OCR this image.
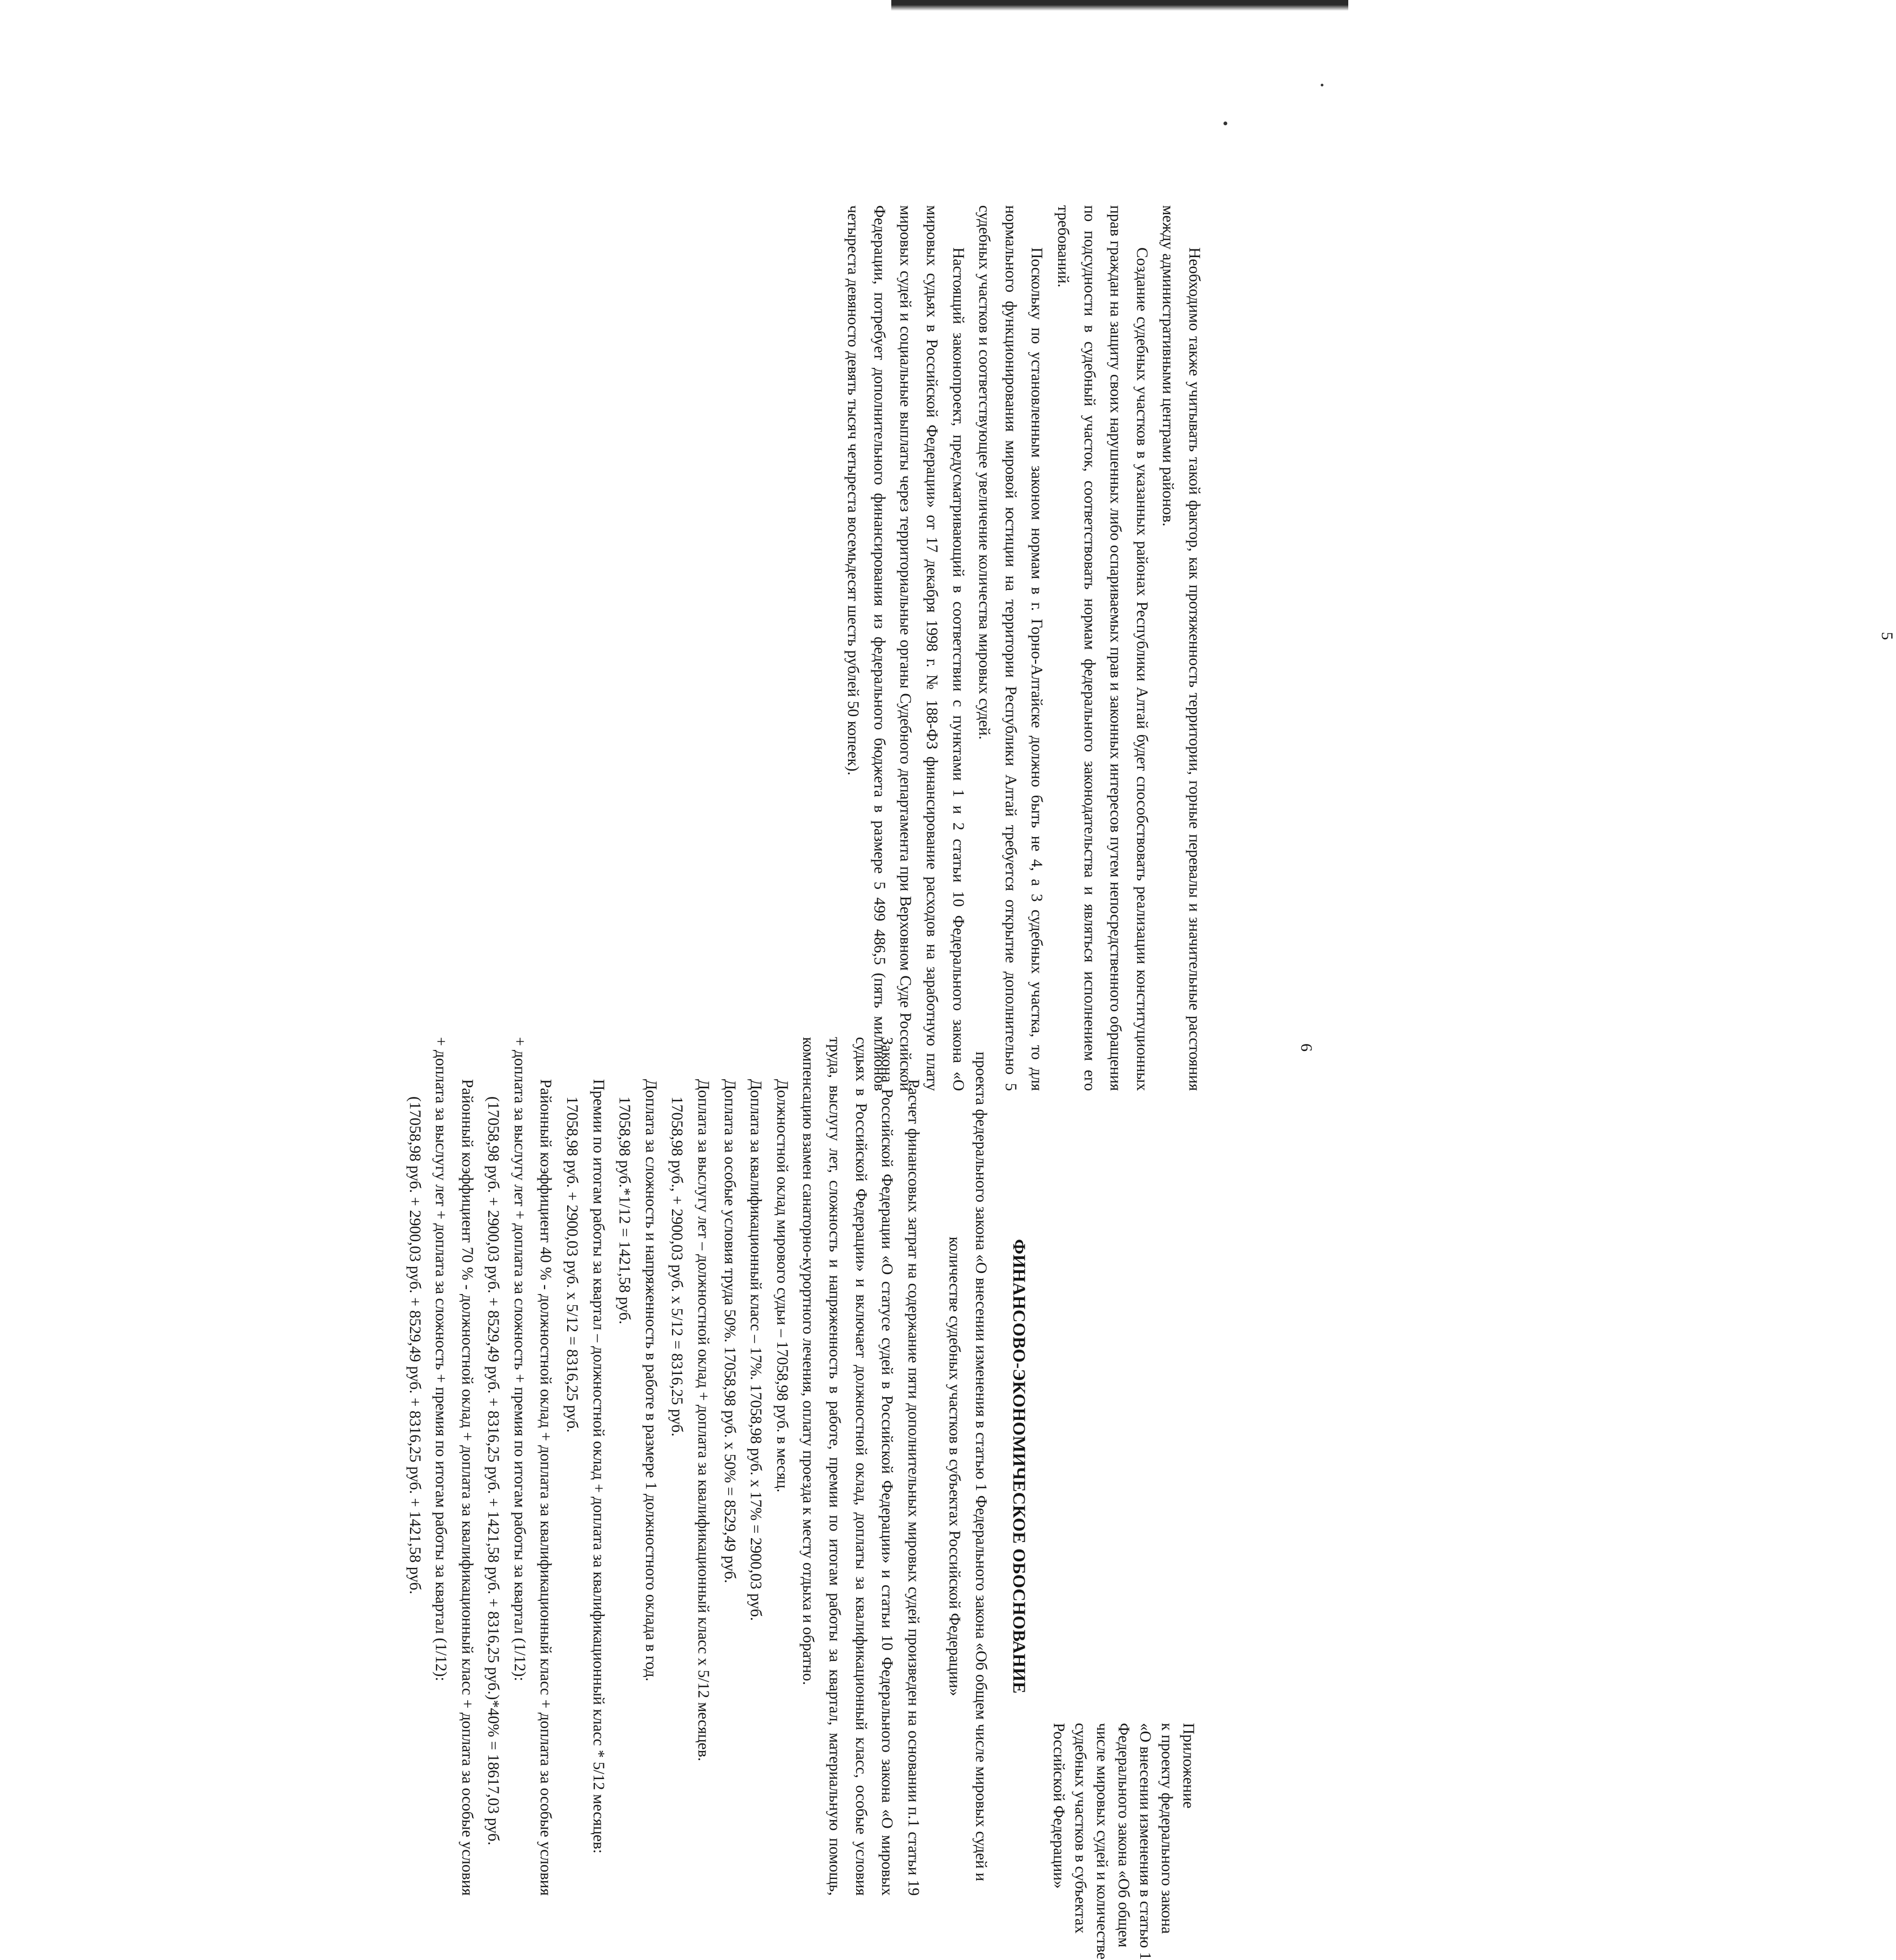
5

Необходимо также учитывать такой фактор, как протяженность территории, горные перевалы и значительные расстояния между административными центрами районов.

Создание судебных участков в указанных районах Республики Алтай будет способствовать реализации конституционных прав граждан на защиту своих нарушенных либо оспариваемых прав и законных интересов путем непосредственного обращения по подсудности в судебный участок, соответствовать нормам федерального законодательства и являться исполнением его требований.

Поскольку по установленным законом нормам в г. Горно-Алтайске должно быть не 4, а 3 судебных участка, то для нормального функционирования мировой юстиции на территории Республики Алтай требуется открытие дополнительно 5 судебных участков и соответствующее увеличение количества мировых судей.

Настоящий законопроект, предусматривающий в соответствии с пунктами 1 и 2 статьи 10 Федерального закона «О мировых судьях в Российской Федерации» от 17 декабря 1998 г. № 188-ФЗ финансирование расходов на заработную плату мировых судей и социальные выплаты через территориальные органы Судебного департамента при Верховном Суде Российской Федерации, потребует дополнительного финансирования из федерального бюджета в размере 5 499 486,5 (пять миллионов четыреста девяносто девять тысяч четыреста восемьдесят шесть рублей 50 копеек).

6
Приложение
к проекту федерального закона
«О внесении изменения в статью 1
Федерального закона «Об общем
числе мировых судей и количестве
судебных участков в субъектах
Российской Федерации»
ФИНАНСОВО-ЭКОНОМИЧЕСКОЕ ОБОСНОВАНИЕ

проекта федерального закона «О внесении изменения в статью 1 Федерального закона «Об общем числе мировых судей и количестве судебных участков в субъектах Российской Федерации»

Расчет финансовых затрат на содержание пяти дополнительных мировых судей произведен на основании п.1 статьи 19 Закона Российской Федерации «О статусе судей в Российской Федерации» и статьи 10 Федерального закона «О мировых судьях в Российской Федерации» и включает должностной оклад, доплаты за квалификационный класс, особые условия труда, выслугу лет, сложность и напряженность в работе, премии по итогам работы за квартал, материальную помощь, компенсацию взамен санаторно-курортного лечения, оплату проезда к месту отдыха и обратно.

Должностной оклад мирового судьи – 17058,98 руб. в месяц.

Доплата за квалификационный класс – 17%. 17058,98 руб. х 17% = 2900,03 руб.

Доплата за особые условия труда 50%. 17058,98 руб. х 50% = 8529,49 руб.

Доплата за выслугу лет – должностной оклад + доплата за квалификационный класс х 5/12 месяцев.

17058,98 руб., + 2900,03 руб. х 5/12 = 8316,25 руб.

Доплата за сложность и напряженность в работе в размере 1 должностного оклада в год.

17058,98 руб.*1/12 = 1421,58 руб.

Премии по итогам работы за квартал – должностной оклад + доплата за квалификационный класс * 5/12 месяцев:

17058,98 руб. + 2900,03 руб. х 5/12 = 8316,25 руб.

Районный коэффициент 40 % - должностной оклад + доплата за квалификационный класс + доплата за особые условия + доплата за выслугу лет + доплата за сложность + премия по итогам работы за квартал (1/12):

(17058,98 руб. + 2900,03 руб. + 8529,49 руб. + 8316,25 руб. + 1421,58 руб. + 8316,25 руб.)*40% = 18617,03 руб.

Районный коэффициент 70 % - должностной оклад + доплата за квалификационный класс + доплата за особые условия + доплата за выслугу лет + доплата за сложность + премия по итогам работы за квартал (1/12):

(17058,98 руб. + 2900,03 руб. + 8529,49 руб. + 8316,25 руб. + 1421,58 руб.
